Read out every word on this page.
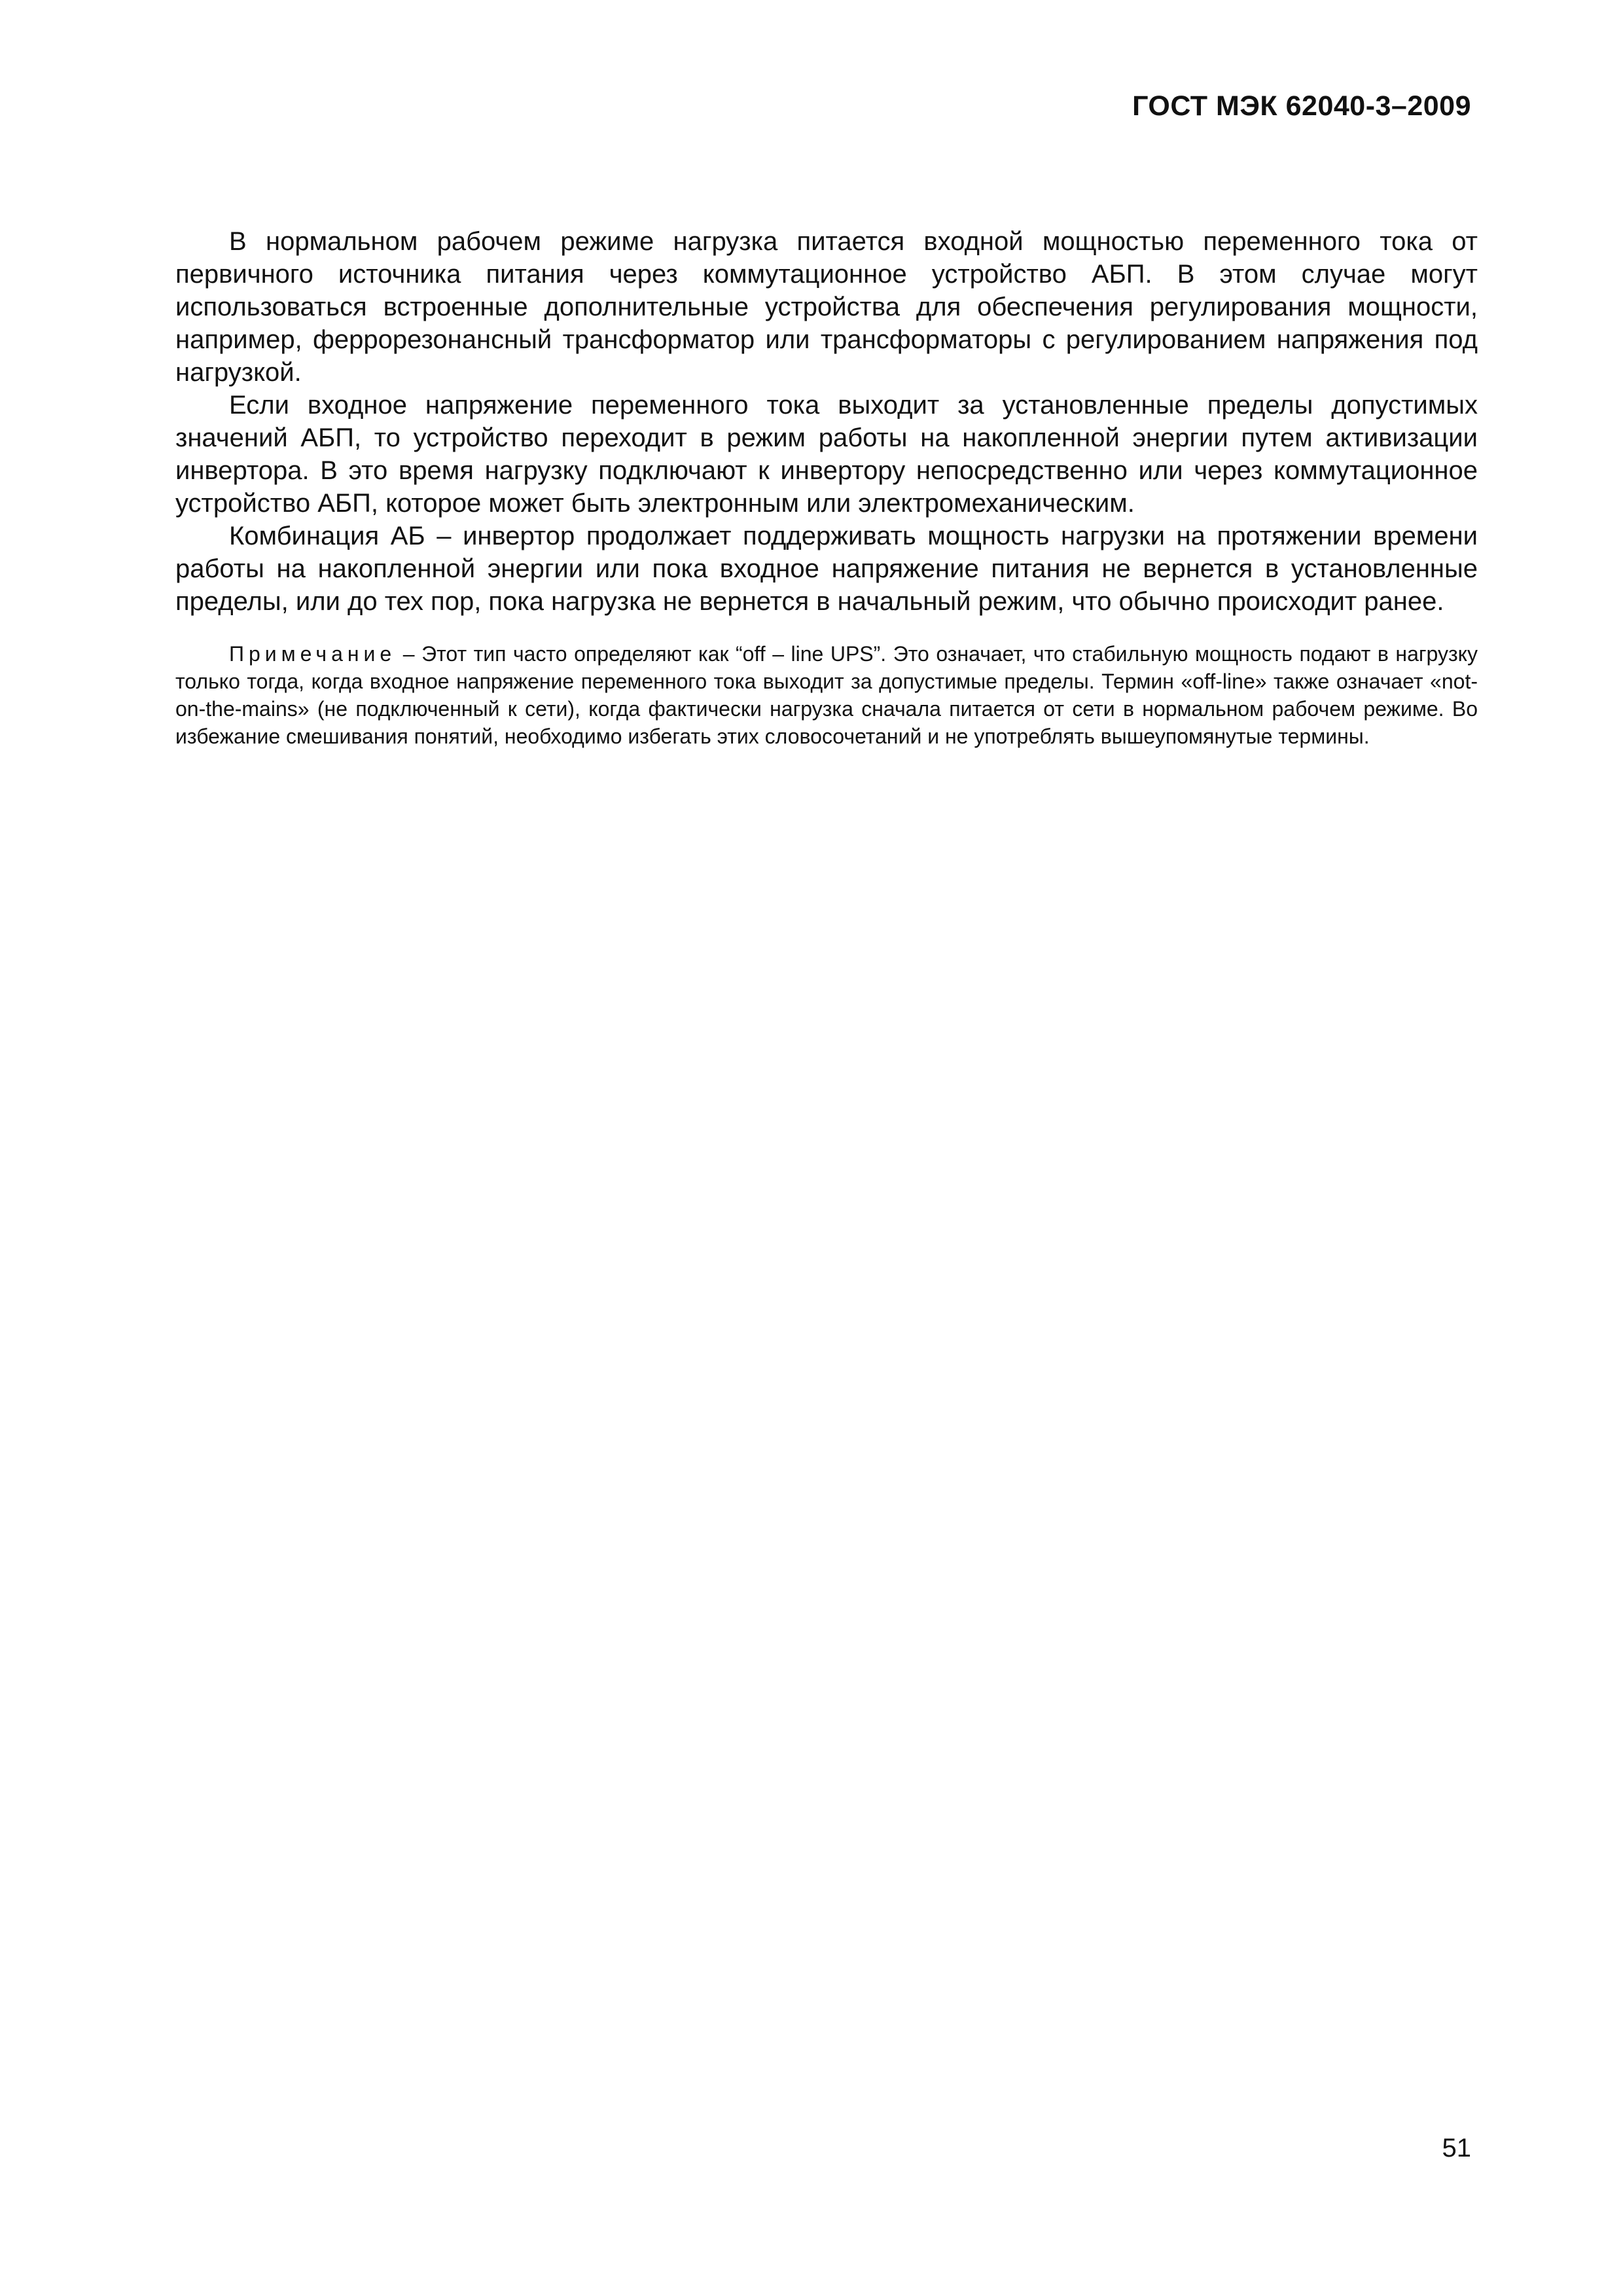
ГОСТ МЭК 62040-3–2009

В нормальном рабочем режиме нагрузка питается входной мощностью переменного тока от первичного источника питания через коммутационное устройство АБП. В этом случае могут использоваться встроенные дополнительные устройства для обеспечения регулирования мощности, например, феррорезонансный трансформатор или трансформаторы с регулированием напряжения под нагрузкой.

Если входное напряжение переменного тока выходит за установленные пределы допустимых значений АБП, то устройство переходит в режим работы на накопленной энергии путем активизации инвертора. В это время нагрузку подключают к инвертору непосредственно или через коммутационное устройство АБП, которое может быть электронным или электромеханическим.

Комбинация АБ – инвертор продолжает поддерживать мощность нагрузки на протяжении времени работы на накопленной энергии или пока входное напряжение питания не вернется в установленные пределы, или до тех пор, пока нагрузка не вернется в начальный режим, что обычно происходит ранее.

Примечание – Этот тип часто определяют как “off – line UPS”. Это означает, что стабильную мощность подают в нагрузку только тогда, когда входное напряжение переменного тока выходит за допустимые пределы. Термин «off-line» также означает «not-on-the-mains» (не подключенный к сети), когда фактически нагрузка сначала питается от сети в нормальном рабочем режиме. Во избежание смешивания понятий, необходимо избегать этих словосочетаний и не употреблять вышеупомянутые термины.
51
